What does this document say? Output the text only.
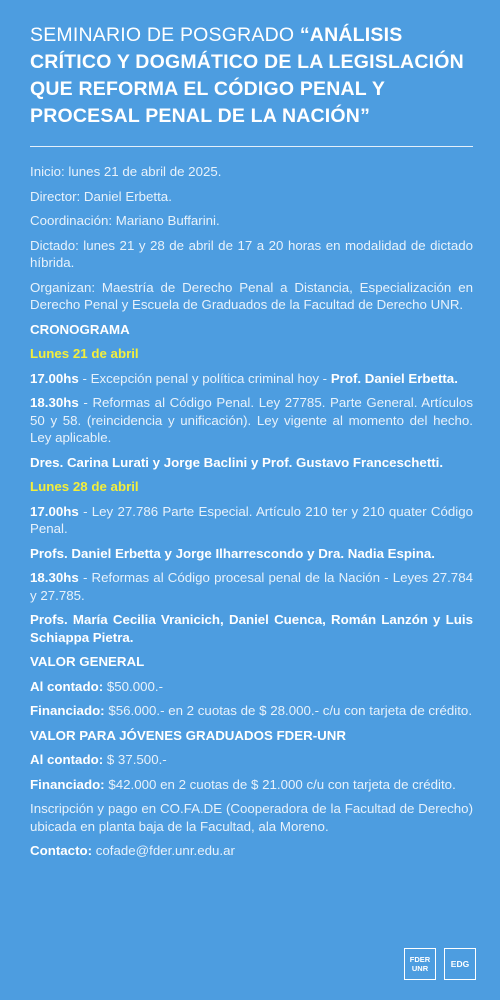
SEMINARIO DE POSGRADO “ANÁLISIS CRÍTICO Y DOGMÁTICO DE LA LEGISLACIÓN QUE REFORMA EL CÓDIGO PENAL Y PROCESAL PENAL DE LA NACIÓN”

Inicio: lunes 21 de abril de 2025.

Director: Daniel Erbetta.

Coordinación: Mariano Buffarini.

Dictado: lunes 21 y 28 de abril de 17 a 20 horas en modalidad de dictado híbrida.

Organizan: Maestría de Derecho Penal a Distancia, Especialización en Derecho Penal y Escuela de Graduados de la Facultad de Derecho UNR.

CRONOGRAMA
Lunes 21 de abril

17.00hs - Excepción penal y política criminal hoy - Prof. Daniel Erbetta.

18.30hs - Reformas al Código Penal. Ley 27785. Parte General. Artículos 50 y 58. (reincidencia y unificación). Ley vigente al momento del hecho. Ley aplicable.

Dres. Carina Lurati y Jorge Baclini y Prof. Gustavo Franceschetti.

Lunes 28 de abril

17.00hs - Ley 27.786 Parte Especial. Artículo 210 ter y 210 quater Código Penal.

Profs. Daniel Erbetta y Jorge Ilharrescondo y Dra. Nadia Espina.

18.30hs - Reformas al Código procesal penal de la Nación - Leyes 27.784 y 27.785.

Profs. María Cecilia Vranicich, Daniel Cuenca, Román Lanzón y Luis Schiappa Pietra.

VALOR GENERAL

Al contado: $50.000.-

Financiado: $56.000.- en 2 cuotas de $ 28.000.- c/u con tarjeta de crédito.

VALOR PARA JÓVENES GRADUADOS FDER-UNR

Al contado: $ 37.500.-

Financiado: $42.000 en 2 cuotas de $ 21.000 c/u con tarjeta de crédito.

Inscripción y pago en CO.FA.DE (Cooperadora de la Facultad de Derecho) ubicada en planta baja de la Facultad, ala Moreno.

Contacto: cofade@fder.unr.edu.ar

FDER
UNR	EDG
